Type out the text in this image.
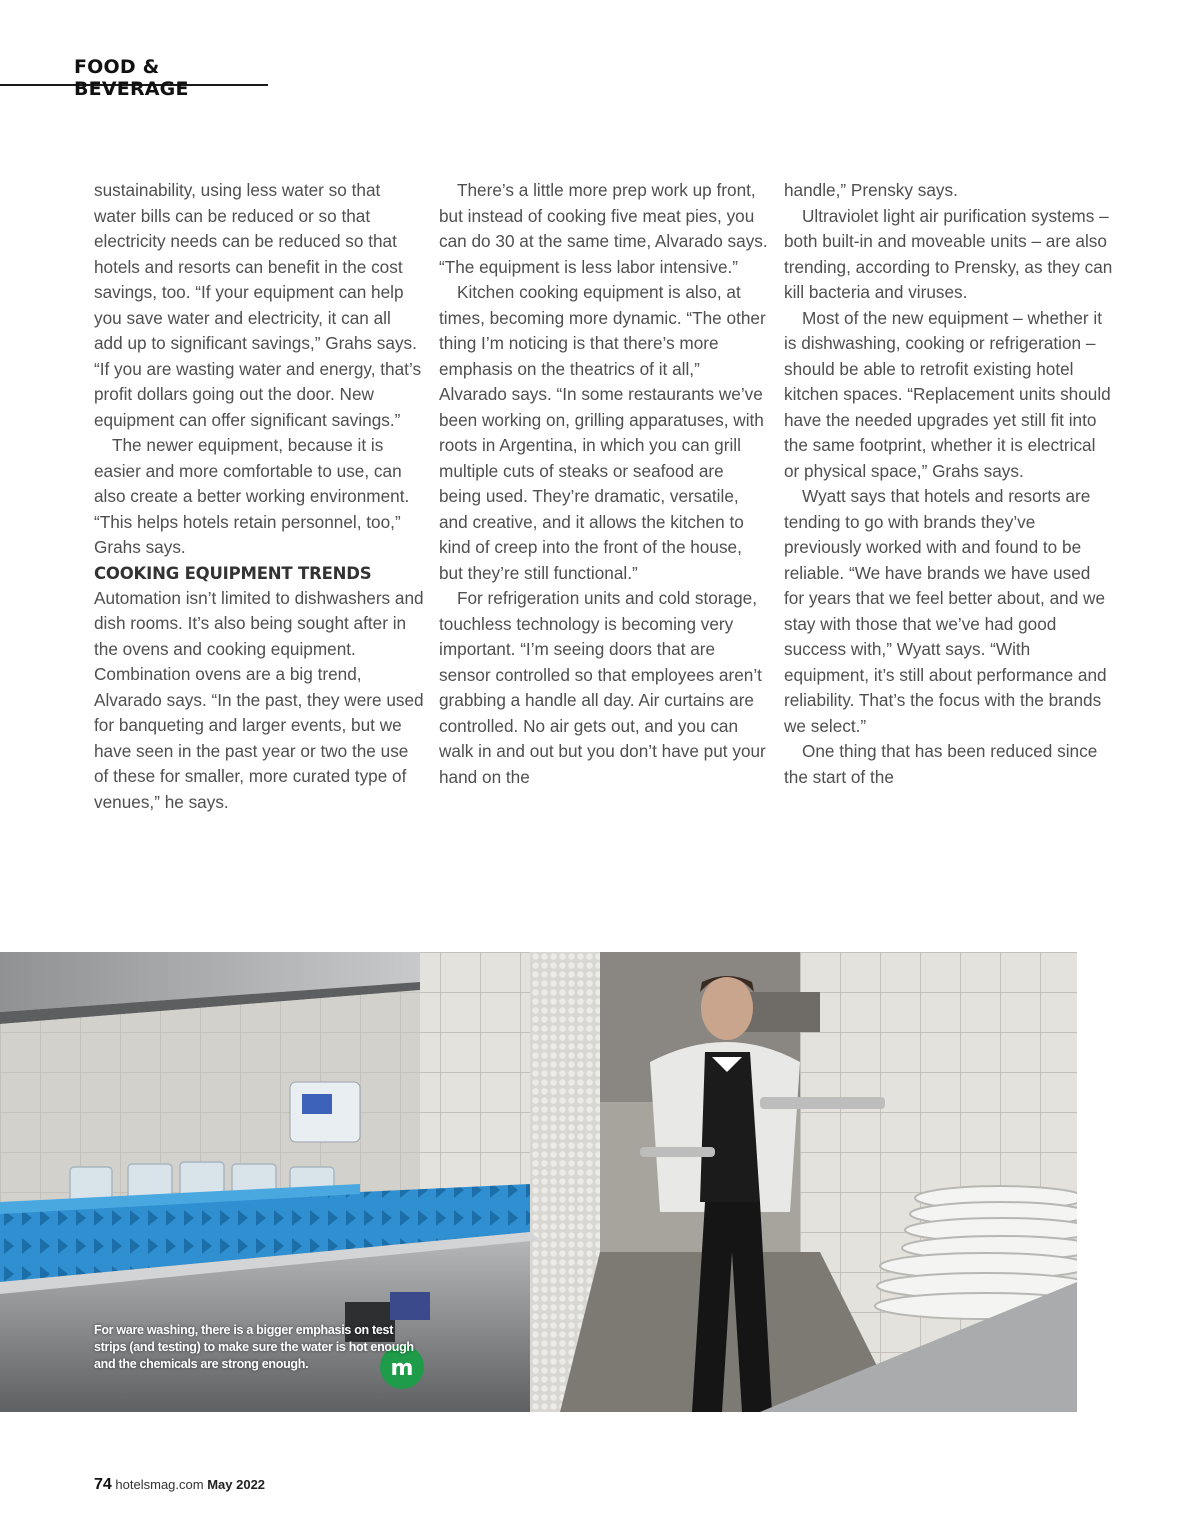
FOOD & BEVERAGE

sustainability, using less water so that water bills can be reduced or so that electricity needs can be reduced so that hotels and resorts can benefit in the cost savings, too. “If your equipment can help you save water and electricity, it can all add up to significant savings,” Grahs says. “If you are wasting water and energy, that’s profit dollars going out the door. New equipment can offer significant savings.”

The newer equipment, because it is easier and more comfortable to use, can also create a better working environment. “This helps hotels retain personnel, too,” Grahs says.

COOKING EQUIPMENT TRENDS

Automation isn’t limited to dishwashers and dish rooms. It’s also being sought after in the ovens and cooking equipment. Combination ovens are a big trend, Alvarado says. “In the past, they were used for banqueting and larger events, but we have seen in the past year or two the use of these for smaller, more curated type of venues,” he says.

There’s a little more prep work up front, but instead of cooking five meat pies, you can do 30 at the same time, Alvarado says. “The equipment is less labor intensive.”

Kitchen cooking equipment is also, at times, becoming more dynamic. “The other thing I’m noticing is that there’s more emphasis on the theatrics of it all,” Alvarado says. “In some restaurants we’ve been working on, grilling apparatuses, with roots in Argentina, in which you can grill multiple cuts of steaks or seafood are being used. They’re dramatic, versatile, and creative, and it allows the kitchen to kind of creep into the front of the house, but they’re still functional.”

For refrigeration units and cold storage, touchless technology is becoming very important. “I’m seeing doors that are sensor controlled so that employees aren’t grabbing a handle all day. Air curtains are controlled. No air gets out, and you can walk in and out but you don’t have put your hand on the

handle,” Prensky says.

Ultraviolet light air purification systems – both built-in and moveable units – are also trending, according to Prensky, as they can kill bacteria and viruses.

Most of the new equipment – whether it is dishwashing, cooking or refrigeration – should be able to retrofit existing hotel kitchen spaces. “Replacement units should have the needed upgrades yet still fit into the same footprint, whether it is electrical or physical space,” Grahs says.

Wyatt says that hotels and resorts are tending to go with brands they’ve previously worked with and found to be reliable. “We have brands we have used for years that we feel better about, and we stay with those that we’ve had good success with,” Wyatt says. “With equipment, it’s still about performance and reliability. That’s the focus with the brands we select.”

One thing that has been reduced since the start of the

m
For ware washing, there is a bigger emphasis on test strips (and testing) to make sure the water is hot enough and the chemicals are strong enough.
74 hotelsmag.com May 2022
